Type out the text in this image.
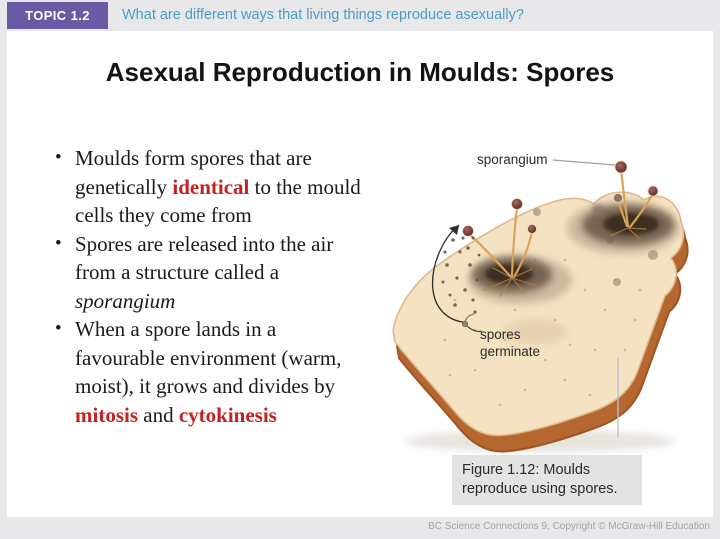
TOPIC 1.2	What are different ways that living things reproduce asexually?
Asexual Reproduction in Moulds: Spores
• Moulds form spores that are genetically identical to the mould cells they come from
• Spores are released into the air from a structure called a sporangium
• When a spore lands in a favourable environment (warm, moist), it grows and divides by mitosis and cytokinesis
sporangium
spores germinate
Figure 1.12: Moulds reproduce using spores.
BC Science Connections 9, Copyright © McGraw-Hill Education
